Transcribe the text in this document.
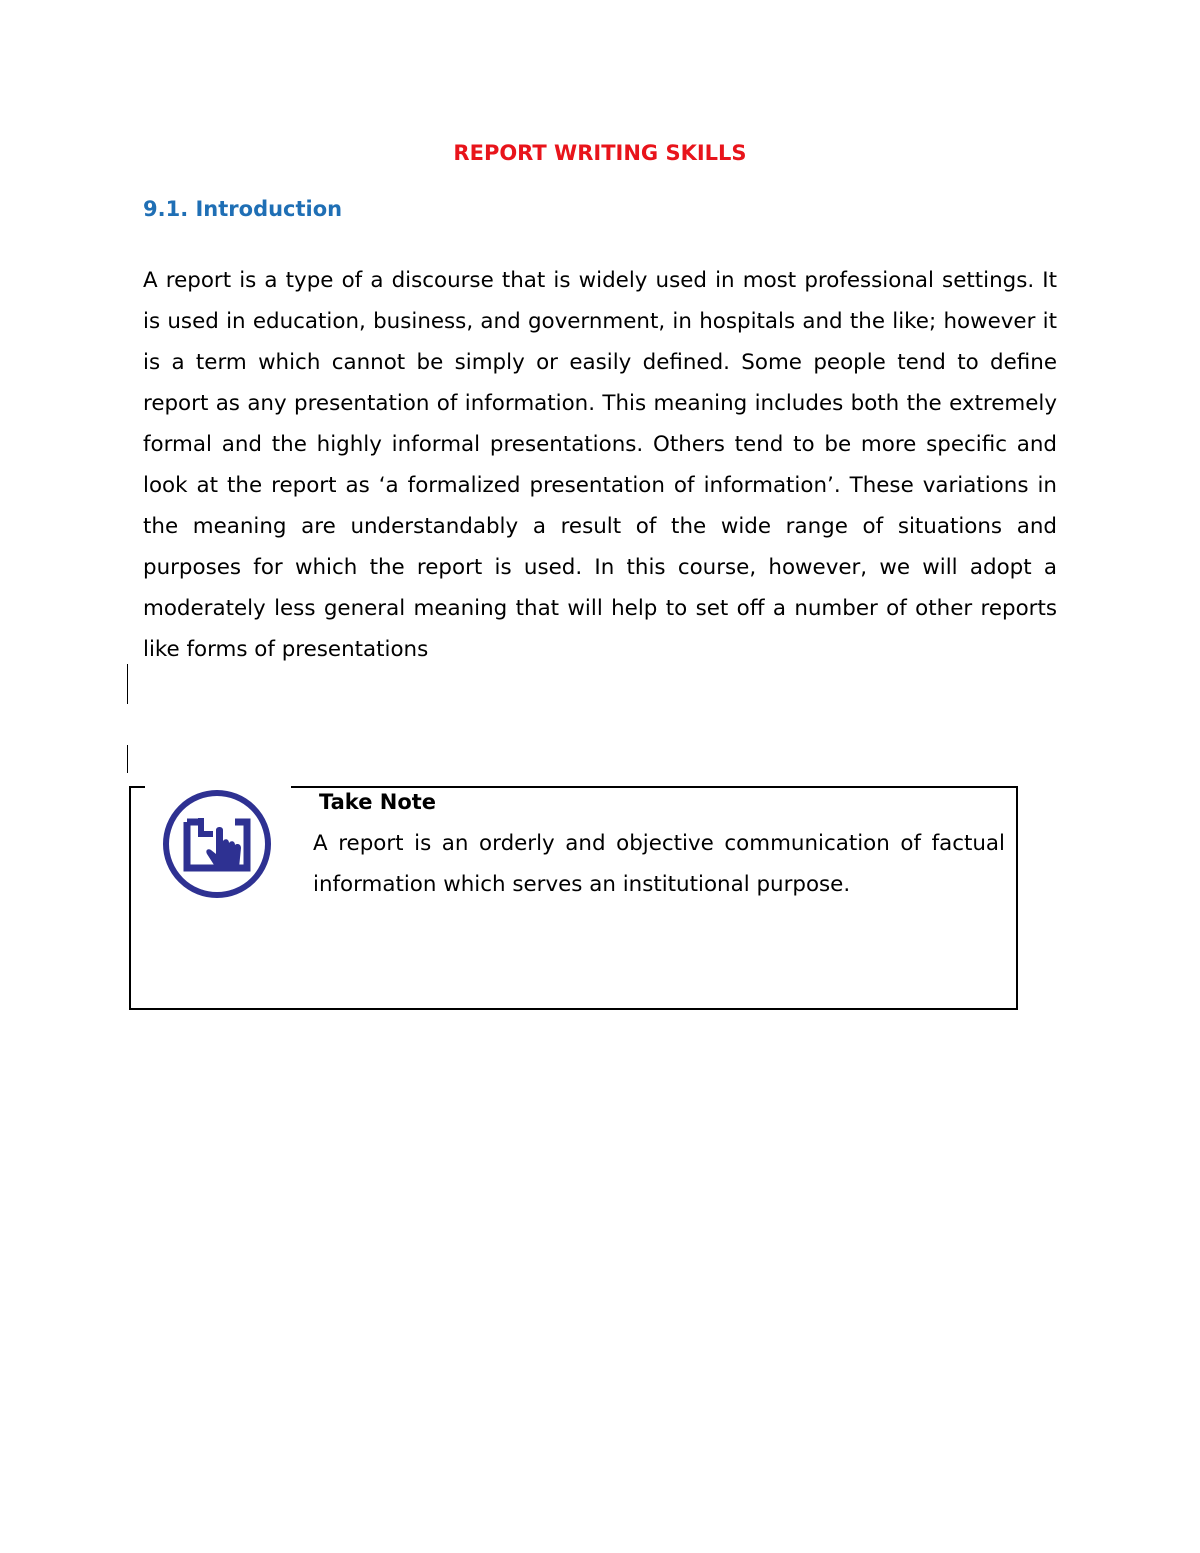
REPORT WRITING SKILLS
9.1. Introduction

A report is a type of a discourse that is widely used in most professional settings. It is used in education, business, and government, in hospitals and the like; however it is a term which cannot be simply or easily defined. Some people tend to define report as any presentation of information. This meaning includes both the extremely formal and the highly informal presentations. Others tend to be more specific and look at the report as ‘a formalized presentation of information’. These variations in the meaning are understandably a result of the wide range of situations and purposes for which the report is used. In this course, however, we will adopt a moderately less general meaning that will help to set off a number of other reports like forms of presentations

Take Note

A report is an orderly and objective communication of factual information which serves an institutional purpose.
